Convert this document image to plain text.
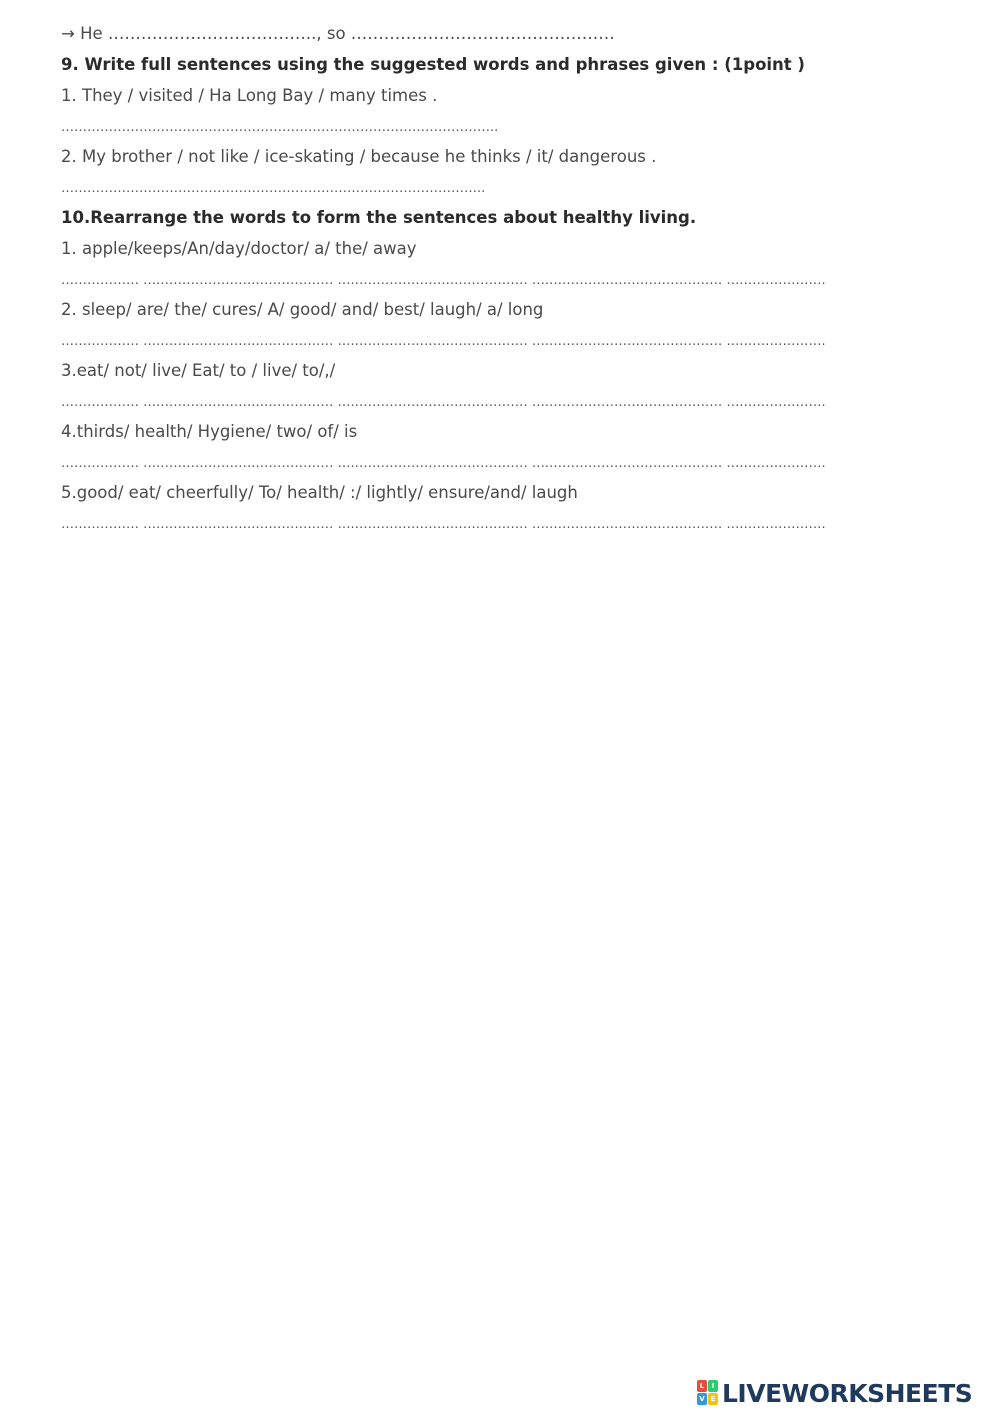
→ He ……………………………….., so …………………………………………
9. Write full sentences using the suggested words and phrases given : (1point )
1. They / visited / Ha Long Bay / many times .
………………………………………………………………………………………..
2. My brother / not like / ice-skating / because he thinks / it/ dangerous .
……………………………………………………………………………………..
10.Rearrange the words to form the sentences about healthy living.
1. apple/keeps/An/day/doctor/ a/ the/ away
……………… ….………………….……………… ….………………….……………… ….………………….……………… ….……………….
2. sleep/ are/ the/ cures/ A/ good/ and/ best/ laugh/ a/ long
……………… ….………………….……………… ….………………….……………… ….………………….……………… ….……………….
3.eat/ not/ live/ Eat/ to / live/ to/,/
……………… ….………………….……………… ….………………….……………… ….………………….……………… ….……………….
4.thirds/ health/ Hygiene/ two/ of/ is
……………… ….………………….……………… ….………………….……………… ….………………….……………… ….……………….
5.good/ eat/ cheerfully/ To/ health/ :/ lightly/ ensure/and/ laugh
……………… ….………………….……………… ….………………….……………… ….………………….……………… ….……………….
L	I
V E LIVEWORKSHEETS
